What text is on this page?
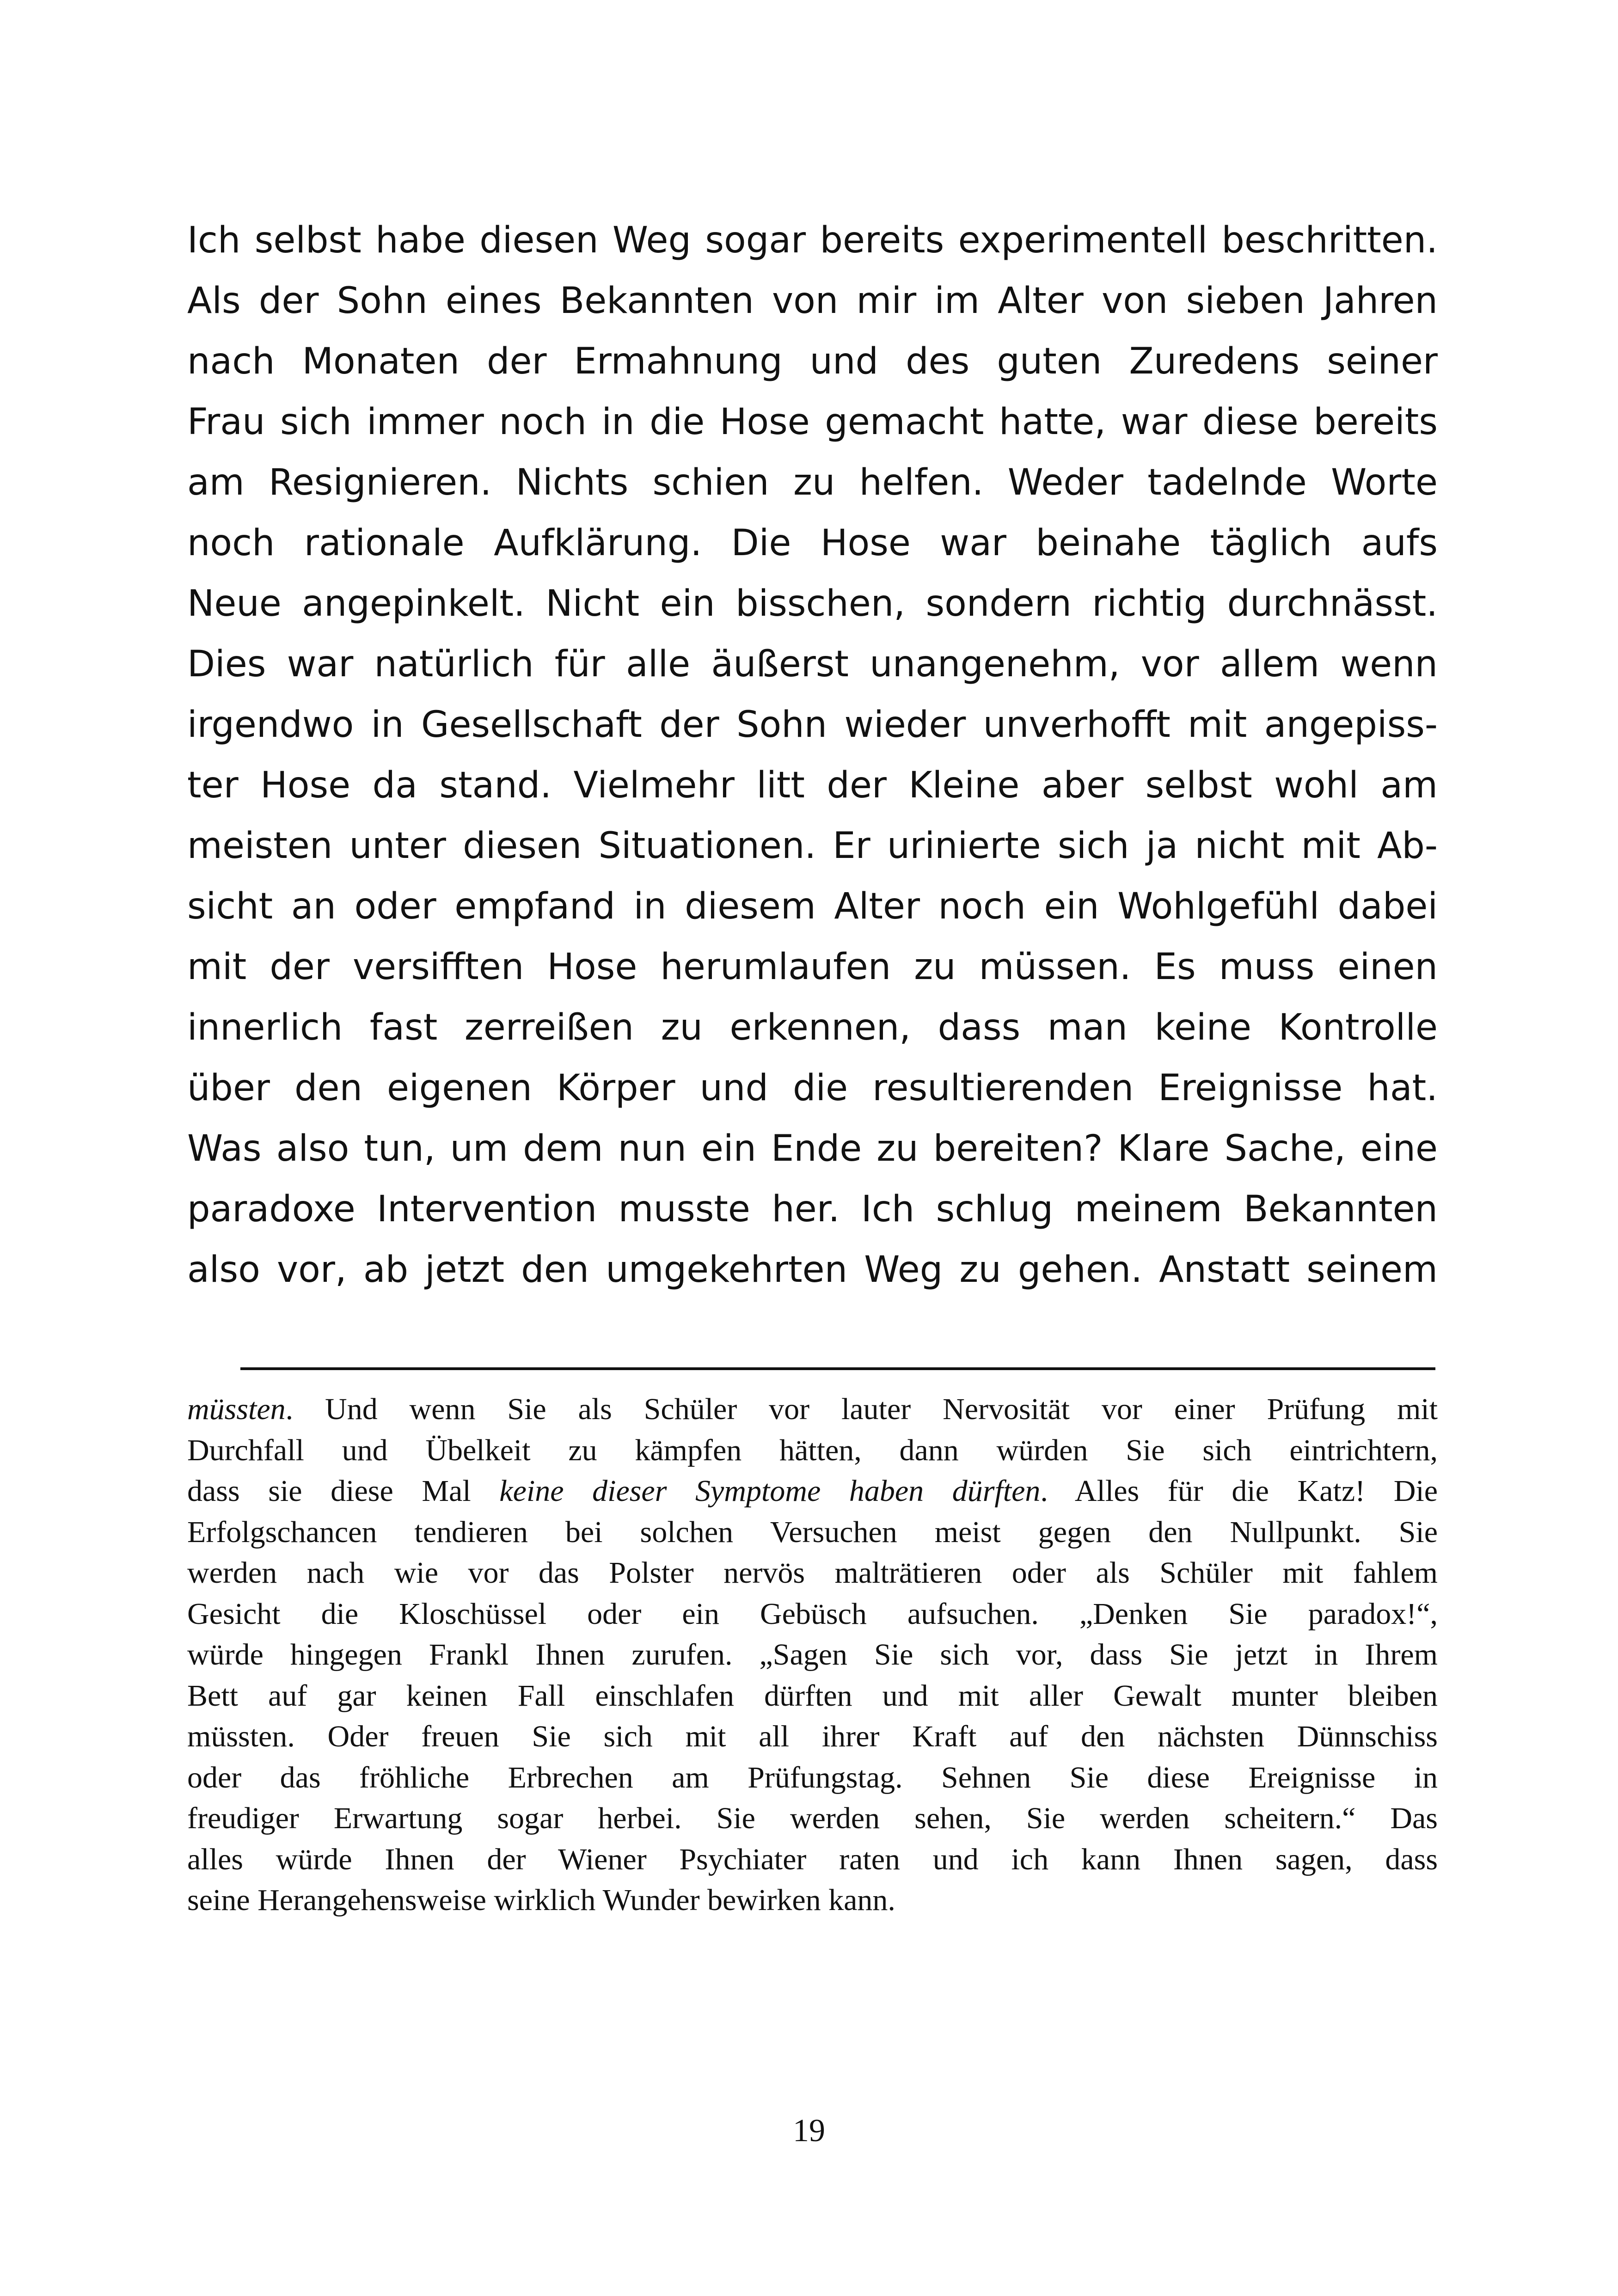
Ich selbst habe diesen Weg sogar bereits experimentell beschritten.
Als der Sohn eines Bekannten von mir im Alter von sieben Jahren
nach Monaten der Ermahnung und des guten Zuredens seiner
Frau sich immer noch in die Hose gemacht hatte, war diese bereits
am Resignieren. Nichts schien zu helfen. Weder tadelnde Worte
noch rationale Aufklärung. Die Hose war beinahe täglich aufs
Neue angepinkelt. Nicht ein bisschen, sondern richtig durchnässt.
Dies war natürlich für alle äußerst unangenehm, vor allem wenn
irgendwo in Gesellschaft der Sohn wieder unverhofft mit angepiss-
ter Hose da stand. Vielmehr litt der Kleine aber selbst wohl am
meisten unter diesen Situationen. Er urinierte sich ja nicht mit Ab-
sicht an oder empfand in diesem Alter noch ein Wohlgefühl dabei
mit der versifften Hose herumlaufen zu müssen. Es muss einen
innerlich fast zerreißen zu erkennen, dass man keine Kontrolle
über den eigenen Körper und die resultierenden Ereignisse hat.
Was also tun, um dem nun ein Ende zu bereiten? Klare Sache, eine
paradoxe Intervention musste her. Ich schlug meinem Bekannten
also vor, ab jetzt den umgekehrten Weg zu gehen. Anstatt seinem
müssten. Und wenn Sie als Schüler vor lauter Nervosität vor einer Prüfung mit
Durchfall und Übelkeit zu kämpfen hätten, dann würden Sie sich eintrichtern,
dass sie diese Mal keine dieser Symptome haben dürften. Alles für die Katz! Die
Erfolgschancen tendieren bei solchen Versuchen meist gegen den Nullpunkt. Sie
werden nach wie vor das Polster nervös malträtieren oder als Schüler mit fahlem
Gesicht die Kloschüssel oder ein Gebüsch aufsuchen. „Denken Sie paradox!“,
würde hingegen Frankl Ihnen zurufen. „Sagen Sie sich vor, dass Sie jetzt in Ihrem
Bett auf gar keinen Fall einschlafen dürften und mit aller Gewalt munter bleiben
müssten. Oder freuen Sie sich mit all ihrer Kraft auf den nächsten Dünnschiss
oder das fröhliche Erbrechen am Prüfungstag. Sehnen Sie diese Ereignisse in
freudiger Erwartung sogar herbei. Sie werden sehen, Sie werden scheitern.“ Das
alles würde Ihnen der Wiener Psychiater raten und ich kann Ihnen sagen, dass
seine Herangehensweise wirklich Wunder bewirken kann.
19
